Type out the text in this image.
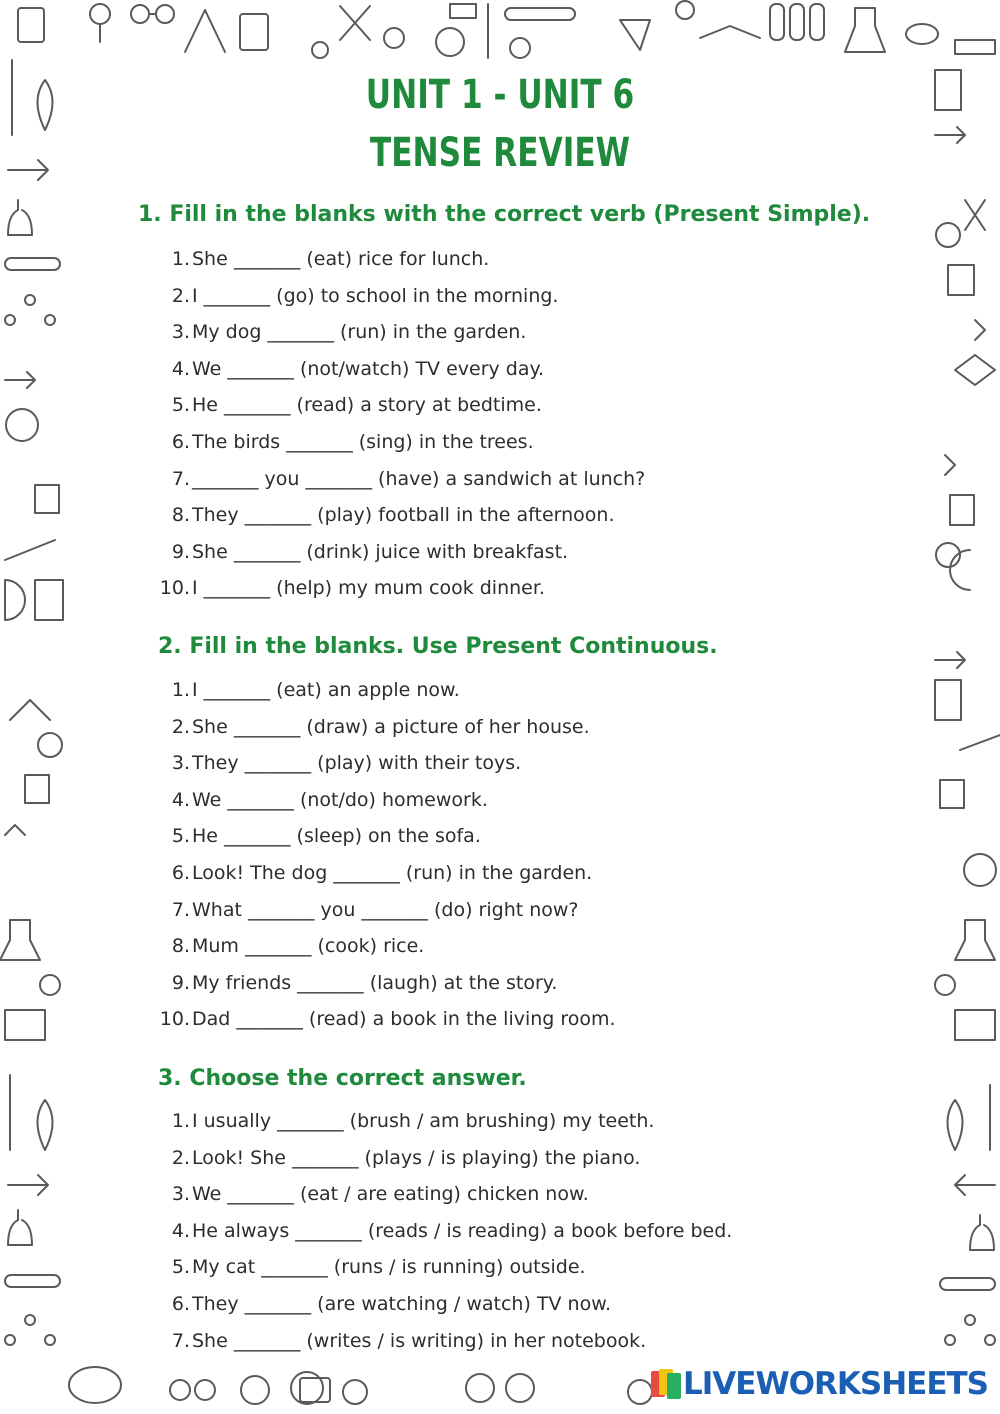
UNIT 1 - UNIT 6
TENSE REVIEW
1. Fill in the blanks with the correct verb (Present Simple).
1. She _______ (eat) rice for lunch.
2. I _______ (go) to school in the morning.
3. My dog _______ (run) in the garden.
4. We _______ (not/watch) TV every day.
5. He _______ (read) a story at bedtime.
6. The birds _______ (sing) in the trees.
7. _______ you _______ (have) a sandwich at lunch?
8. They _______ (play) football in the afternoon.
9. She _______ (drink) juice with breakfast.
10. I _______ (help) my mum cook dinner.
2. Fill in the blanks. Use Present Continuous.
1. I _______ (eat) an apple now.
2. She _______ (draw) a picture of her house.
3. They _______ (play) with their toys.
4. We _______ (not/do) homework.
5. He _______ (sleep) on the sofa.
6. Look! The dog _______ (run) in the garden.
7. What _______ you _______ (do) right now?
8. Mum _______ (cook) rice.
9. My friends _______ (laugh) at the story.
10. Dad _______ (read) a book in the living room.
3. Choose the correct answer.
1. I usually _______ (brush / am brushing) my teeth.
2. Look! She _______ (plays / is playing) the piano.
3. We _______ (eat / are eating) chicken now.
4. He always _______ (reads / is reading) a book before bed.
5. My cat _______ (runs / is running) outside.
6. They _______ (are watching / watch) TV now.
7. She _______ (writes / is writing) in her notebook.
LIVEWORKSHEETS
